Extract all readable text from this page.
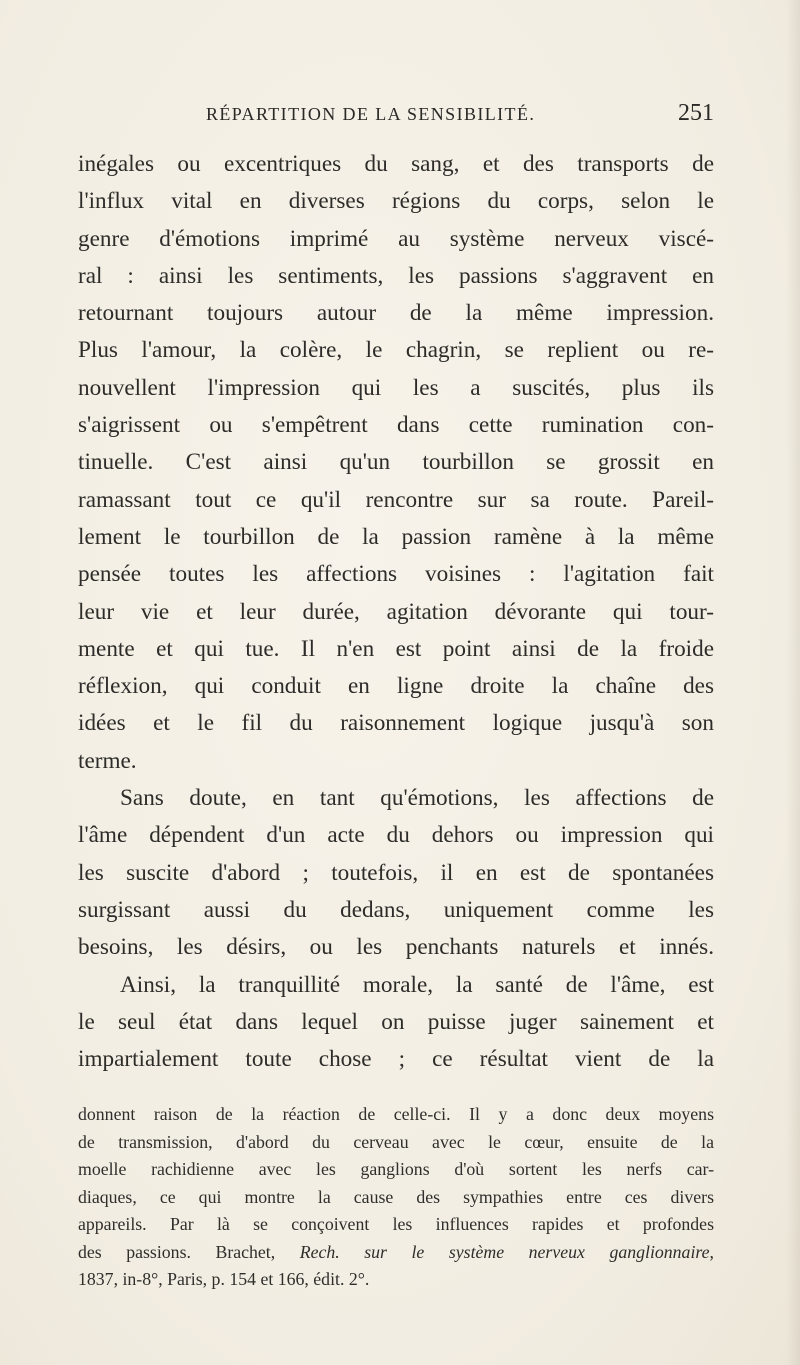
RÉPARTITION DE LA SENSIBILITÉ.	251
inégales ou excentriques du sang, et des transports de
l'influx vital en diverses régions du corps, selon le
genre d'émotions imprimé au système nerveux viscé-
ral : ainsi les sentiments, les passions s'aggravent en
retournant toujours autour de la même impression.
Plus l'amour, la colère, le chagrin, se replient ou re-
nouvellent l'impression qui les a suscités, plus ils
s'aigrissent ou s'empêtrent dans cette rumination con-
tinuelle. C'est ainsi qu'un tourbillon se grossit en
ramassant tout ce qu'il rencontre sur sa route. Pareil-
lement le tourbillon de la passion ramène à la même
pensée toutes les affections voisines : l'agitation fait
leur vie et leur durée, agitation dévorante qui tour-
mente et qui tue. Il n'en est point ainsi de la froide
réflexion, qui conduit en ligne droite la chaîne des
idées et le fil du raisonnement logique jusqu'à son
terme.
Sans doute, en tant qu'émotions, les affections de
l'âme dépendent d'un acte du dehors ou impression qui
les suscite d'abord ; toutefois, il en est de spontanées
surgissant aussi du dedans, uniquement comme les
besoins, les désirs, ou les penchants naturels et innés.
Ainsi, la tranquillité morale, la santé de l'âme, est
le seul état dans lequel on puisse juger sainement et
impartialement toute chose ; ce résultat vient de la
donnent raison de la réaction de celle-ci. Il y a donc deux moyens
de transmission, d'abord du cerveau avec le cœur, ensuite de la
moelle rachidienne avec les ganglions d'où sortent les nerfs car-
diaques, ce qui montre la cause des sympathies entre ces divers
appareils. Par là se conçoivent les influences rapides et profondes
des passions. Brachet, Rech. sur le système nerveux ganglionnaire,
1837, in-8°, Paris, p. 154 et 166, édit. 2°.
